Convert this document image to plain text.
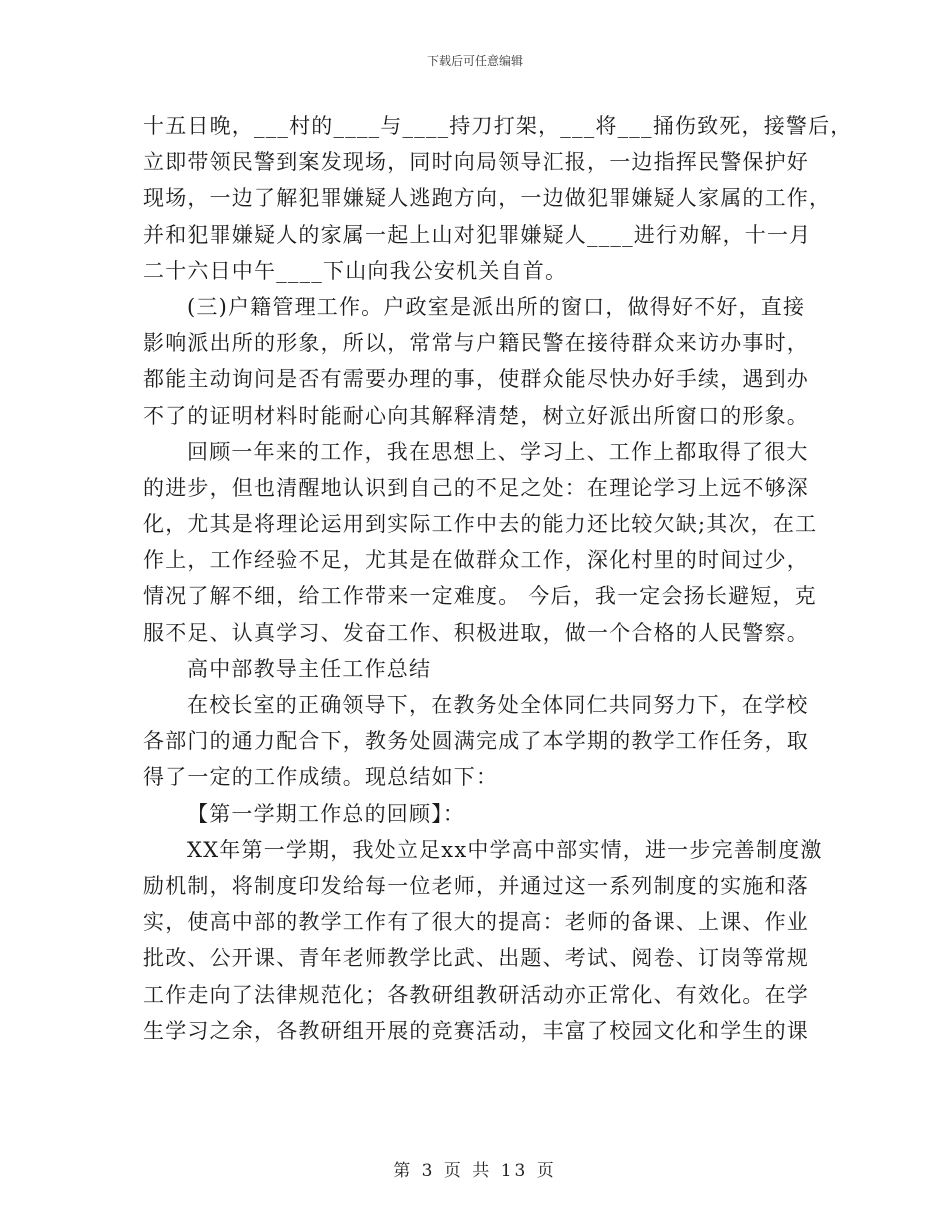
下载后可任意编辑
十五日晚，___村的____与____持刀打架，___将___捅伤致死，接警后，
立即带领民警到案发现场，同时向局领导汇报，一边指挥民警保护好
现场，一边了解犯罪嫌疑人逃跑方向，一边做犯罪嫌疑人家属的工作，
并和犯罪嫌疑人的家属一起上山对犯罪嫌疑人____进行劝解，十一月
二十六日中午____下山向我公安机关自首。
(三)户籍管理工作。户政室是派出所的窗口，做得好不好，直接
影响派出所的形象，所以，常常与户籍民警在接待群众来访办事时，
都能主动询问是否有需要办理的事，使群众能尽快办好手续，遇到办
不了的证明材料时能耐心向其解释清楚，树立好派出所窗口的形象。
回顾一年来的工作，我在思想上、学习上、工作上都取得了很大
的进步，但也清醒地认识到自己的不足之处：在理论学习上远不够深
化，尤其是将理论运用到实际工作中去的能力还比较欠缺;其次，在工
作上，工作经验不足，尤其是在做群众工作，深化村里的时间过少，
情况了解不细，给工作带来一定难度。 今后，我一定会扬长避短，克
服不足、认真学习、发奋工作、积极进取，做一个合格的人民警察。
高中部教导主任工作总结
在校长室的正确领导下，在教务处全体同仁共同努力下，在学校
各部门的通力配合下，教务处圆满完成了本学期的教学工作任务，取
得了一定的工作成绩。现总结如下：
【第一学期工作总的回顾】：
XX年第一学期，我处立足xx中学高中部实情，进一步完善制度激
励机制，将制度印发给每一位老师，并通过这一系列制度的实施和落
实，使高中部的教学工作有了很大的提高：老师的备课、上课、作业
批改、公开课、青年老师教学比武、出题、考试、阅卷、订岗等常规
工作走向了法律规范化；各教研组教研活动亦正常化、有效化。在学
生学习之余，各教研组开展的竞赛活动，丰富了校园文化和学生的课
第 3 页 共 13 页
